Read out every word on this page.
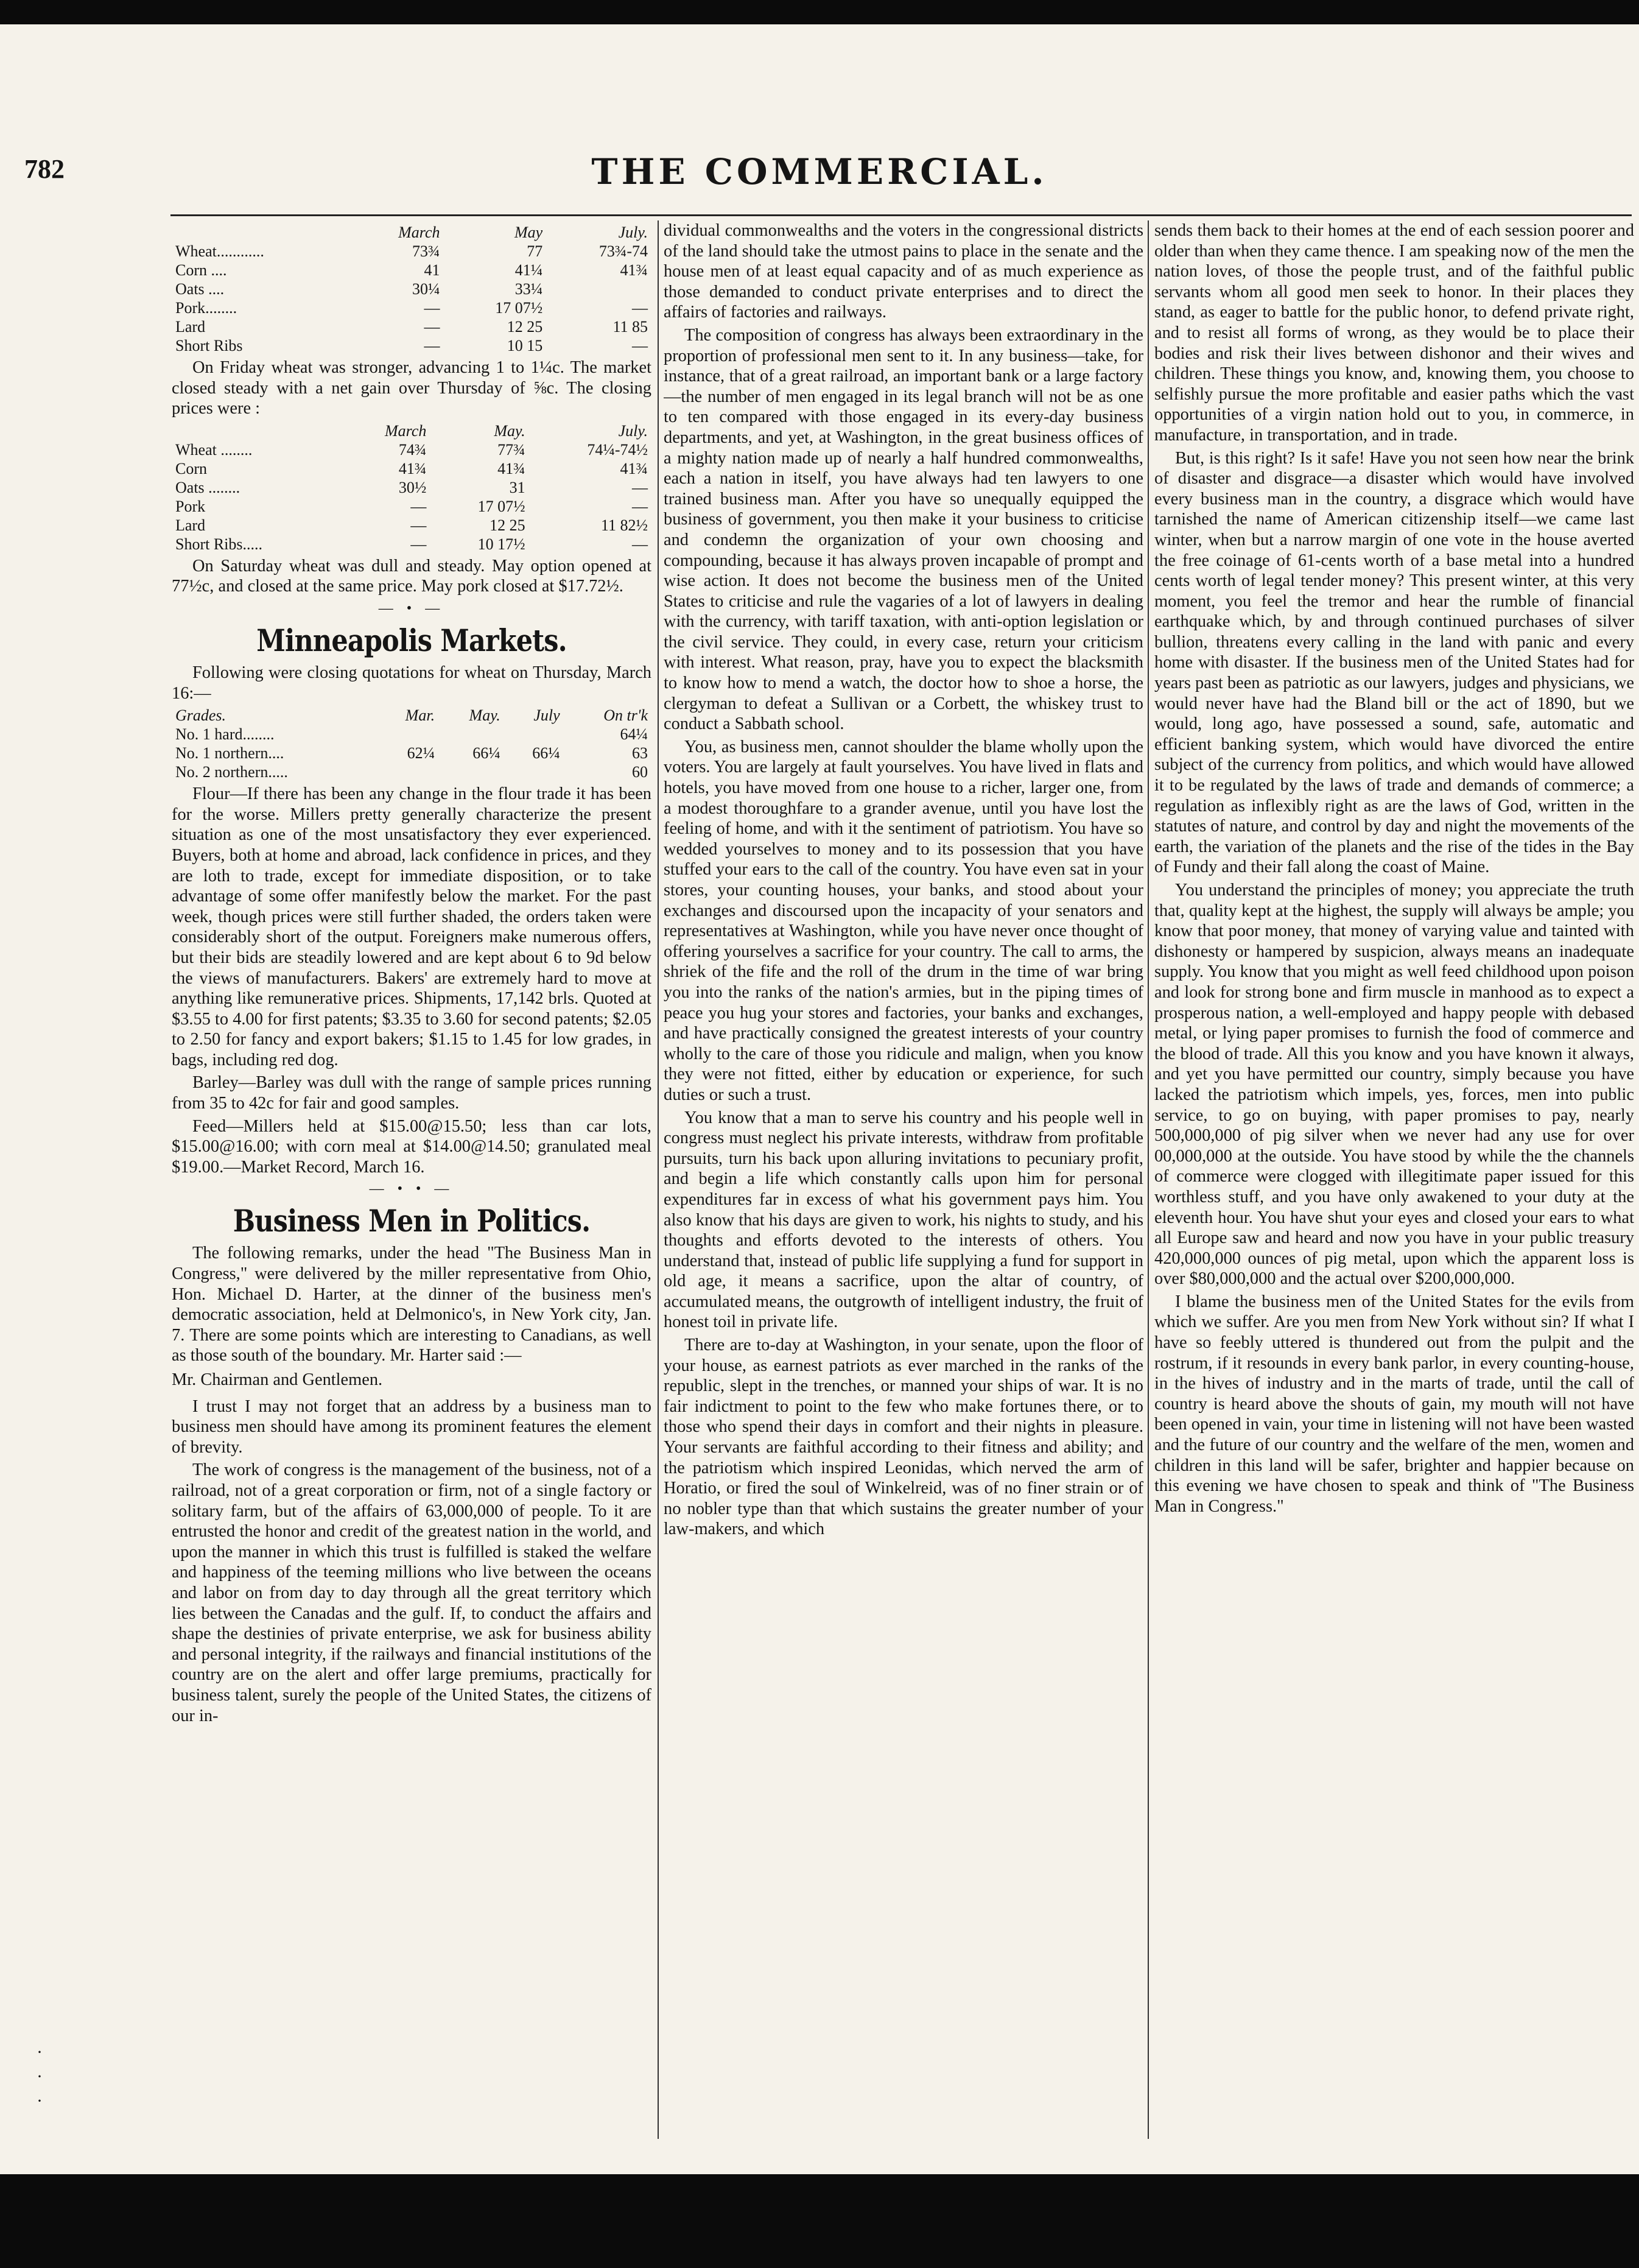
782	THE COMMERCIAL.
	March	May	July.
Wheat............	73¾	77	73¾-74
Corn ....	41	41¼	41¾
Oats ....	30¼	33¼	
Pork........	—	17 07½	—
Lard	—	12 25	11 85
Short Ribs	—	10 15	—

On Friday wheat was stronger, advancing 1 to 1¼c. The market closed steady with a net gain over Thursday of ⅝c. The closing prices were :

	March	May.	July.
Wheat ........	74¾	77¾	74¼-74½
Corn	41¾	41¾	41¾
Oats ........	30½	31	—
Pork	—	17 07½	—
Lard	—	12 25	11 82½
Short Ribs.....	—	10 17½	—

On Saturday wheat was dull and steady. May option opened at 77½c, and closed at the same price. May pork closed at $17.72½.

— • —
Minneapolis Markets.

Following were closing quotations for wheat on Thursday, March 16:—

Grades.	Mar.	May.	July	On tr'k
No. 1 hard........				64¼
No. 1 northern....	62¼	66¼	66¼	63
No. 2 northern.....				60

Flour—If there has been any change in the flour trade it has been for the worse. Millers pretty generally characterize the present situation as one of the most unsatisfactory they ever experienced. Buyers, both at home and abroad, lack confidence in prices, and they are loth to trade, except for immediate disposition, or to take advantage of some offer manifestly below the market. For the past week, though prices were still further shaded, the orders taken were considerably short of the output. Foreigners make numerous offers, but their bids are steadily lowered and are kept about 6 to 9d below the views of manufacturers. Bakers' are extremely hard to move at anything like remunerative prices. Shipments, 17,142 brls. Quoted at $3.55 to 4.00 for first patents; $3.35 to 3.60 for second patents; $2.05 to 2.50 for fancy and export bakers; $1.15 to 1.45 for low grades, in bags, including red dog.

Barley—Barley was dull with the range of sample prices running from 35 to 42c for fair and good samples.

Feed—Millers held at $15.00@15.50; less than car lots, $15.00@16.00; with corn meal at $14.00@14.50; granulated meal $19.00.—Market Record, March 16.

— • • —
Business Men in Politics.

The following remarks, under the head "The Business Man in Congress," were delivered by the miller representative from Ohio, Hon. Michael D. Harter, at the dinner of the business men's democratic association, held at Delmonico's, in New York city, Jan. 7. There are some points which are interesting to Canadians, as well as those south of the boundary. Mr. Harter said :—

Mr. Chairman and Gentlemen.

I trust I may not forget that an address by a business man to business men should have among its prominent features the element of brevity.

The work of congress is the management of the business, not of a railroad, not of a great corporation or firm, not of a single factory or solitary farm, but of the affairs of 63,000,000 of people. To it are entrusted the honor and credit of the greatest nation in the world, and upon the manner in which this trust is fulfilled is staked the welfare and happiness of the teeming millions who live between the oceans and labor on from day to day through all the great territory which lies between the Canadas and the gulf. If, to conduct the affairs and shape the destinies of private enterprise, we ask for business ability and personal integrity, if the railways and financial institutions of the country are on the alert and offer large premiums, practically for business talent, surely the people of the United States, the citizens of our in-

dividual commonwealths and the voters in the congressional districts of the land should take the utmost pains to place in the senate and the house men of at least equal capacity and of as much experience as those demanded to conduct private enterprises and to direct the affairs of factories and railways.

The composition of congress has always been extraordinary in the proportion of professional men sent to it. In any business—take, for instance, that of a great railroad, an important bank or a large factory—the number of men engaged in its legal branch will not be as one to ten compared with those engaged in its every-day business departments, and yet, at Washington, in the great business offices of a mighty nation made up of nearly a half hundred commonwealths, each a nation in itself, you have always had ten lawyers to one trained business man. After you have so unequally equipped the business of government, you then make it your business to criticise and condemn the organization of your own choosing and compounding, because it has always proven incapable of prompt and wise action. It does not become the business men of the United States to criticise and rule the vagaries of a lot of lawyers in dealing with the currency, with tariff taxation, with anti-option legislation or the civil service. They could, in every case, return your criticism with interest. What reason, pray, have you to expect the blacksmith to know how to mend a watch, the doctor how to shoe a horse, the clergyman to defeat a Sullivan or a Corbett, the whiskey trust to conduct a Sabbath school.

You, as business men, cannot shoulder the blame wholly upon the voters. You are largely at fault yourselves. You have lived in flats and hotels, you have moved from one house to a richer, larger one, from a modest thoroughfare to a grander avenue, until you have lost the feeling of home, and with it the sentiment of patriotism. You have so wedded yourselves to money and to its possession that you have stuffed your ears to the call of the country. You have even sat in your stores, your counting houses, your banks, and stood about your exchanges and discoursed upon the incapacity of your senators and representatives at Washington, while you have never once thought of offering yourselves a sacrifice for your country. The call to arms, the shriek of the fife and the roll of the drum in the time of war bring you into the ranks of the nation's armies, but in the piping times of peace you hug your stores and factories, your banks and exchanges, and have practically consigned the greatest interests of your country wholly to the care of those you ridicule and malign, when you know they were not fitted, either by education or experience, for such duties or such a trust.

You know that a man to serve his country and his people well in congress must neglect his private interests, withdraw from profitable pursuits, turn his back upon alluring invitations to pecuniary profit, and begin a life which constantly calls upon him for personal expenditures far in excess of what his government pays him. You also know that his days are given to work, his nights to study, and his thoughts and efforts devoted to the interests of others. You understand that, instead of public life supplying a fund for support in old age, it means a sacrifice, upon the altar of country, of accumulated means, the outgrowth of intelligent industry, the fruit of honest toil in private life.

There are to-day at Washington, in your senate, upon the floor of your house, as earnest patriots as ever marched in the ranks of the republic, slept in the trenches, or manned your ships of war. It is no fair indictment to point to the few who make fortunes there, or to those who spend their days in comfort and their nights in pleasure. Your servants are faithful according to their fitness and ability; and the patriotism which inspired Leonidas, which nerved the arm of Horatio, or fired the soul of Winkelreid, was of no finer strain or of no nobler type than that which sustains the greater number of your law-makers, and which

sends them back to their homes at the end of each session poorer and older than when they came thence. I am speaking now of the men the nation loves, of those the people trust, and of the faithful public servants whom all good men seek to honor. In their places they stand, as eager to battle for the public honor, to defend private right, and to resist all forms of wrong, as they would be to place their bodies and risk their lives between dishonor and their wives and children. These things you know, and, knowing them, you choose to selfishly pursue the more profitable and easier paths which the vast opportunities of a virgin nation hold out to you, in commerce, in manufacture, in transportation, and in trade.

But, is this right? Is it safe! Have you not seen how near the brink of disaster and disgrace—a disaster which would have involved every business man in the country, a disgrace which would have tarnished the name of American citizenship itself—we came last winter, when but a narrow margin of one vote in the house averted the free coinage of 61-cents worth of a base metal into a hundred cents worth of legal tender money? This present winter, at this very moment, you feel the tremor and hear the rumble of financial earthquake which, by and through continued purchases of silver bullion, threatens every calling in the land with panic and every home with disaster. If the business men of the United States had for years past been as patriotic as our lawyers, judges and physicians, we would never have had the Bland bill or the act of 1890, but we would, long ago, have possessed a sound, safe, automatic and efficient banking system, which would have divorced the entire subject of the currency from politics, and which would have allowed it to be regulated by the laws of trade and demands of commerce; a regulation as inflexibly right as are the laws of God, written in the statutes of nature, and control by day and night the movements of the earth, the variation of the planets and the rise of the tides in the Bay of Fundy and their fall along the coast of Maine.

You understand the principles of money; you appreciate the truth that, quality kept at the highest, the supply will always be ample; you know that poor money, that money of varying value and tainted with dishonesty or hampered by suspicion, always means an inadequate supply. You know that you might as well feed childhood upon poison and look for strong bone and firm muscle in manhood as to expect a prosperous nation, a well-employed and happy people with debased metal, or lying paper promises to furnish the food of commerce and the blood of trade. All this you know and you have known it always, and yet you have permitted our country, simply because you have lacked the patriotism which impels, yes, forces, men into public service, to go on buying, with paper promises to pay, nearly 500,000,000 of pig silver when we never had any use for over 00,000,000 at the outside. You have stood by while the the channels of commerce were clogged with illegitimate paper issued for this worthless stuff, and you have only awakened to your duty at the eleventh hour. You have shut your eyes and closed your ears to what all Europe saw and heard and now you have in your public treasury 420,000,000 ounces of pig metal, upon which the apparent loss is over $80,000,000 and the actual over $200,000,000.

I blame the business men of the United States for the evils from which we suffer. Are you men from New York without sin? If what I have so feebly uttered is thundered out from the pulpit and the rostrum, if it resounds in every bank parlor, in every counting-house, in the hives of industry and in the marts of trade, until the call of country is heard above the shouts of gain, my mouth will not have been opened in vain, your time in listening will not have been wasted and the future of our country and the welfare of the men, women and children in this land will be safer, brighter and happier because on this evening we have chosen to speak and think of "The Business Man in Congress."

·
·
·
